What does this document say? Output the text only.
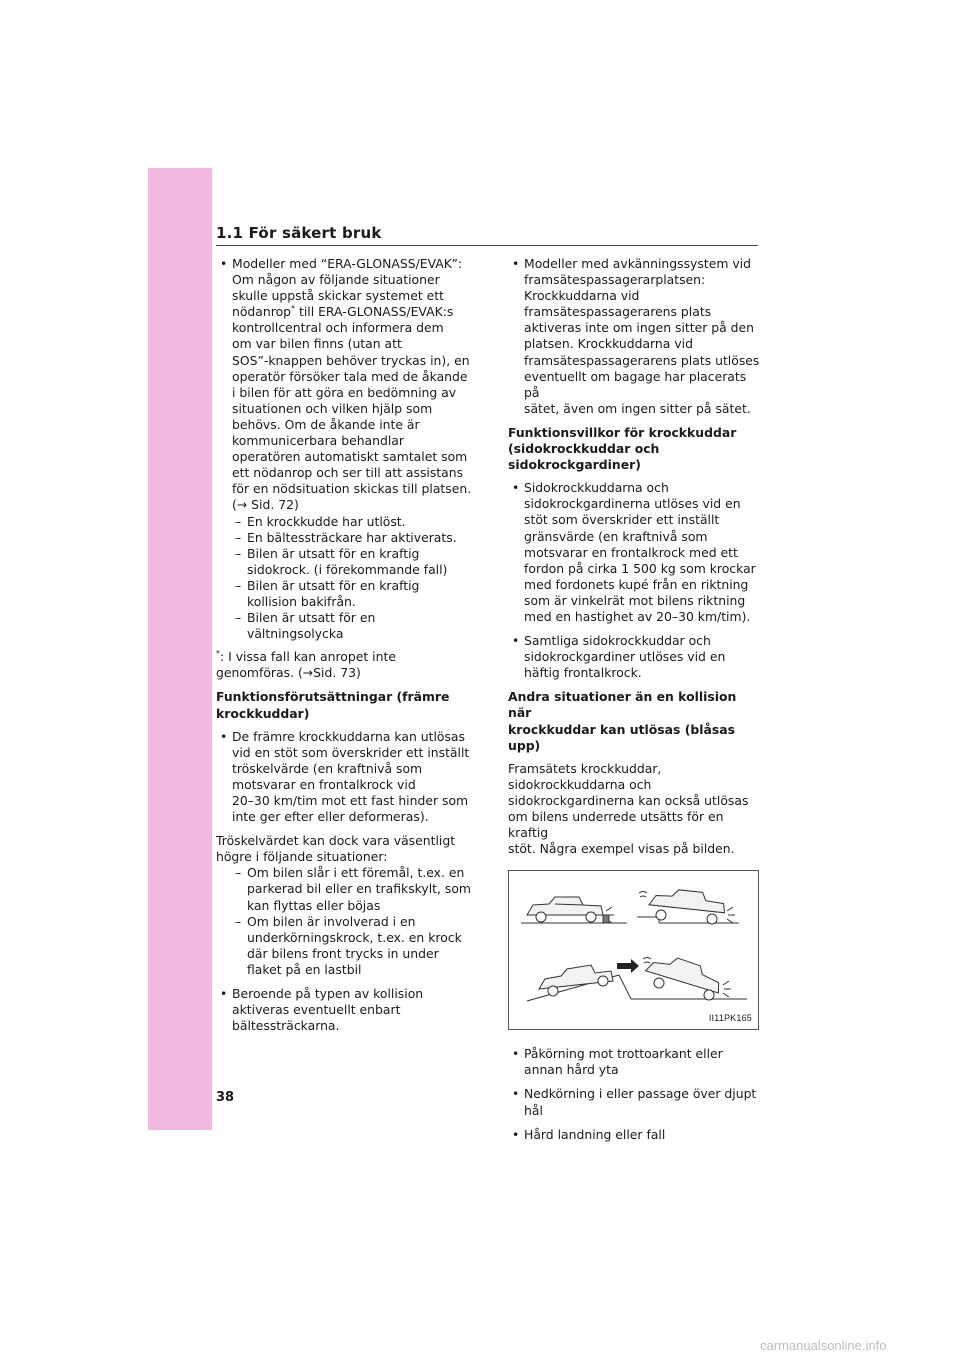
1.1 För säkert bruk
• Modeller med “ERA-GLONASS/EVAK”:
Om någon av följande situationer
skulle uppstå skickar systemet ett
nödanrop* till ERA-GLONASS/EVAK:s
kontrollcentral och informera dem
om var bilen finns (utan att
SOS”-knappen behöver tryckas in), en
operatör försöker tala med de åkande
i bilen för att göra en bedömning av
situationen och vilken hjälp som
behövs. Om de åkande inte är
kommunicerbara behandlar
operatören automatiskt samtalet som
ett nödanrop och ser till att assistans
för en nödsituation skickas till platsen.
(→ Sid. 72)
– En krockkudde har utlöst.
– En bältessträckare har aktiverats.
– Bilen är utsatt för en kraftig
sidokrock. (i förekommande fall)
– Bilen är utsatt för en kraftig
kollision bakifrån.
– Bilen är utsatt för en
vältningsolycka
*: I vissa fall kan anropet inte
genomföras. (→Sid. 73)
Funktionsförutsättningar (främre
krockkuddar)
• De främre krockkuddarna kan utlösas
vid en stöt som överskrider ett inställt
tröskelvärde (en kraftnivå som
motsvarar en frontalkrock vid
20–30 km/tim mot ett fast hinder som
inte ger efter eller deformeras).
Tröskelvärdet kan dock vara väsentligt
högre i följande situationer:
– Om bilen slår i ett föremål, t.ex. en
parkerad bil eller en trafikskylt, som
kan flyttas eller böjas
– Om bilen är involverad i en
underkörningskrock, t.ex. en krock
där bilens front trycks in under
flaket på en lastbil
• Beroende på typen av kollision
aktiveras eventuellt enbart
bältessträckarna.
• Modeller med avkänningssystem vid
framsätespassagerarplatsen:
Krockkuddarna vid
framsätespassagerarens plats
aktiveras inte om ingen sitter på den
platsen. Krockkuddarna vid
framsätespassagerarens plats utlöses
eventuellt om bagage har placerats på
sätet, även om ingen sitter på sätet.
Funktionsvillkor för krockkuddar
(sidokrockkuddar och
sidokrockgardiner)
• Sidokrockkuddarna och
sidokrockgardinerna utlöses vid en
stöt som överskrider ett inställt
gränsvärde (en kraftnivå som
motsvarar en frontalkrock med ett
fordon på cirka 1 500 kg som krockar
med fordonets kupé från en riktning
som är vinkelrät mot bilens riktning
med en hastighet av 20–30 km/tim).
• Samtliga sidokrockkuddar och
sidokrockgardiner utlöses vid en
häftig frontalkrock.
Andra situationer än en kollision när
krockkuddar kan utlösas (blåsas upp)
Framsätets krockkuddar,
sidokrockkuddarna och
sidokrockgardinerna kan också utlösas
om bilens underrede utsätts för en kraftig
stöt. Några exempel visas på bilden.
II11PK165
• Påkörning mot trottoarkant eller
annan hård yta
• Nedkörning i eller passage över djupt
hål
• Hård landning eller fall
38
carmanualsonline.info
